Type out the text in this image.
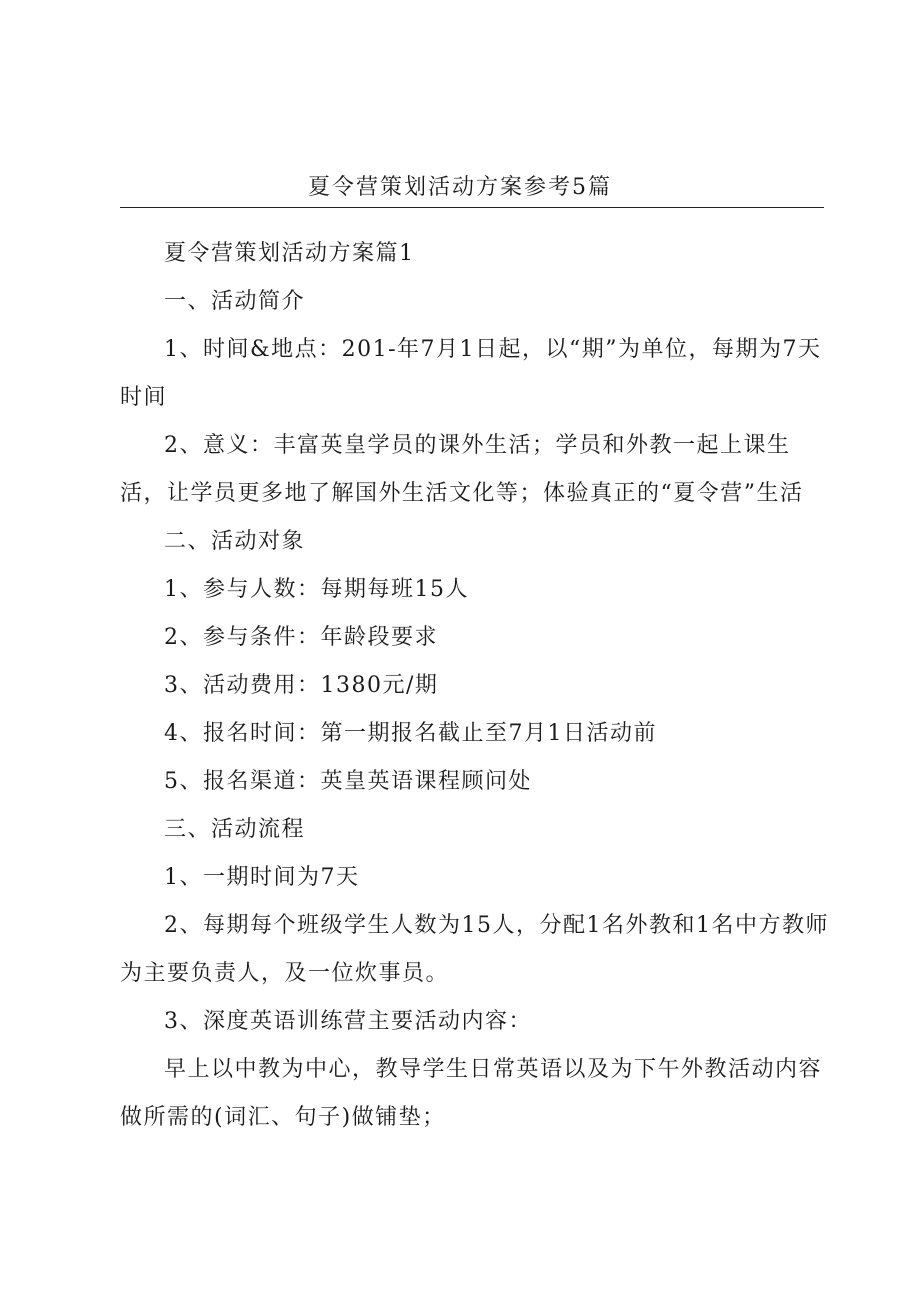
夏令营策划活动方案参考5篇

夏令营策划活动方案篇1

一、活动简介

1、时间&地点：201-年7月1日起，以“期”为单位，每期为7天时间

2、意义：丰富英皇学员的课外生活；学员和外教一起上课生活，让学员更多地了解国外生活文化等；体验真正的“夏令营”生活

二、活动对象

1、参与人数：每期每班15人

2、参与条件：年龄段要求

3、活动费用：1380元/期

4、报名时间：第一期报名截止至7月1日活动前

5、报名渠道：英皇英语课程顾问处

三、活动流程

1、一期时间为7天

2、每期每个班级学生人数为15人，分配1名外教和1名中方教师为主要负责人，及一位炊事员。

3、深度英语训练营主要活动内容：

早上以中教为中心，教导学生日常英语以及为下午外教活动内容做所需的(词汇、句子)做铺垫；
